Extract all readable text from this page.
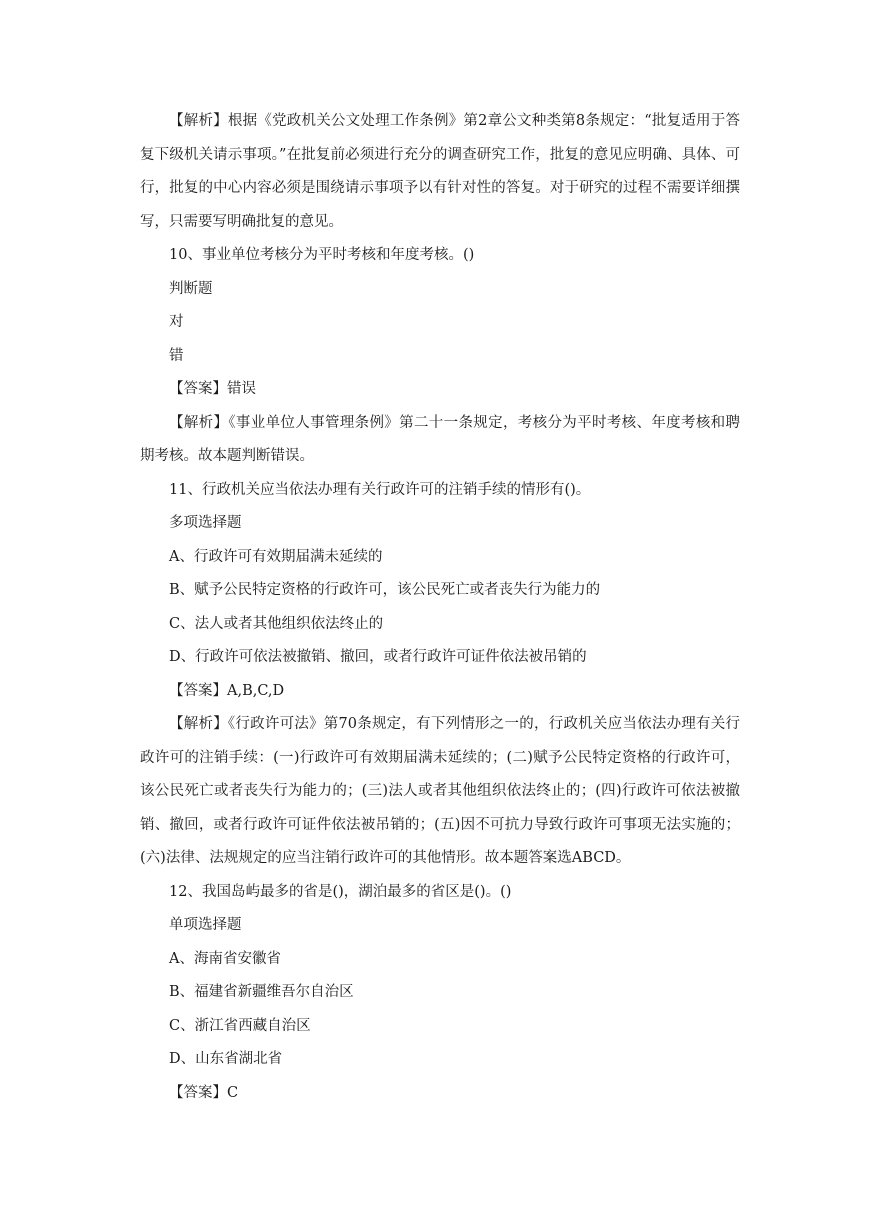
【解析】根据《党政机关公文处理工作条例》第2章公文种类第8条规定：“批复适用于答复下级机关请示事项。”在批复前必须进行充分的调查研究工作，批复的意见应明确、具体、可行，批复的中心内容必须是围绕请示事项予以有针对性的答复。对于研究的过程不需要详细撰写，只需要写明确批复的意见。

10、事业单位考核分为平时考核和年度考核。()

判断题

对

错

【答案】错误

【解析】《事业单位人事管理条例》第二十一条规定，考核分为平时考核、年度考核和聘期考核。故本题判断错误。

11、行政机关应当依法办理有关行政许可的注销手续的情形有()。

多项选择题

A、行政许可有效期届满未延续的

B、赋予公民特定资格的行政许可，该公民死亡或者丧失行为能力的

C、法人或者其他组织依法终止的

D、行政许可依法被撤销、撤回，或者行政许可证件依法被吊销的

【答案】A,B,C,D

【解析】《行政许可法》第70条规定，有下列情形之一的，行政机关应当依法办理有关行政许可的注销手续：(一)行政许可有效期届满未延续的；(二)赋予公民特定资格的行政许可，该公民死亡或者丧失行为能力的；(三)法人或者其他组织依法终止的；(四)行政许可依法被撤销、撤回，或者行政许可证件依法被吊销的；(五)因不可抗力导致行政许可事项无法实施的；(六)法律、法规规定的应当注销行政许可的其他情形。故本题答案选ABCD。

12、我国岛屿最多的省是()，湖泊最多的省区是()。()

单项选择题

A、海南省安徽省

B、福建省新疆维吾尔自治区

C、浙江省西藏自治区

D、山东省湖北省

【答案】C
